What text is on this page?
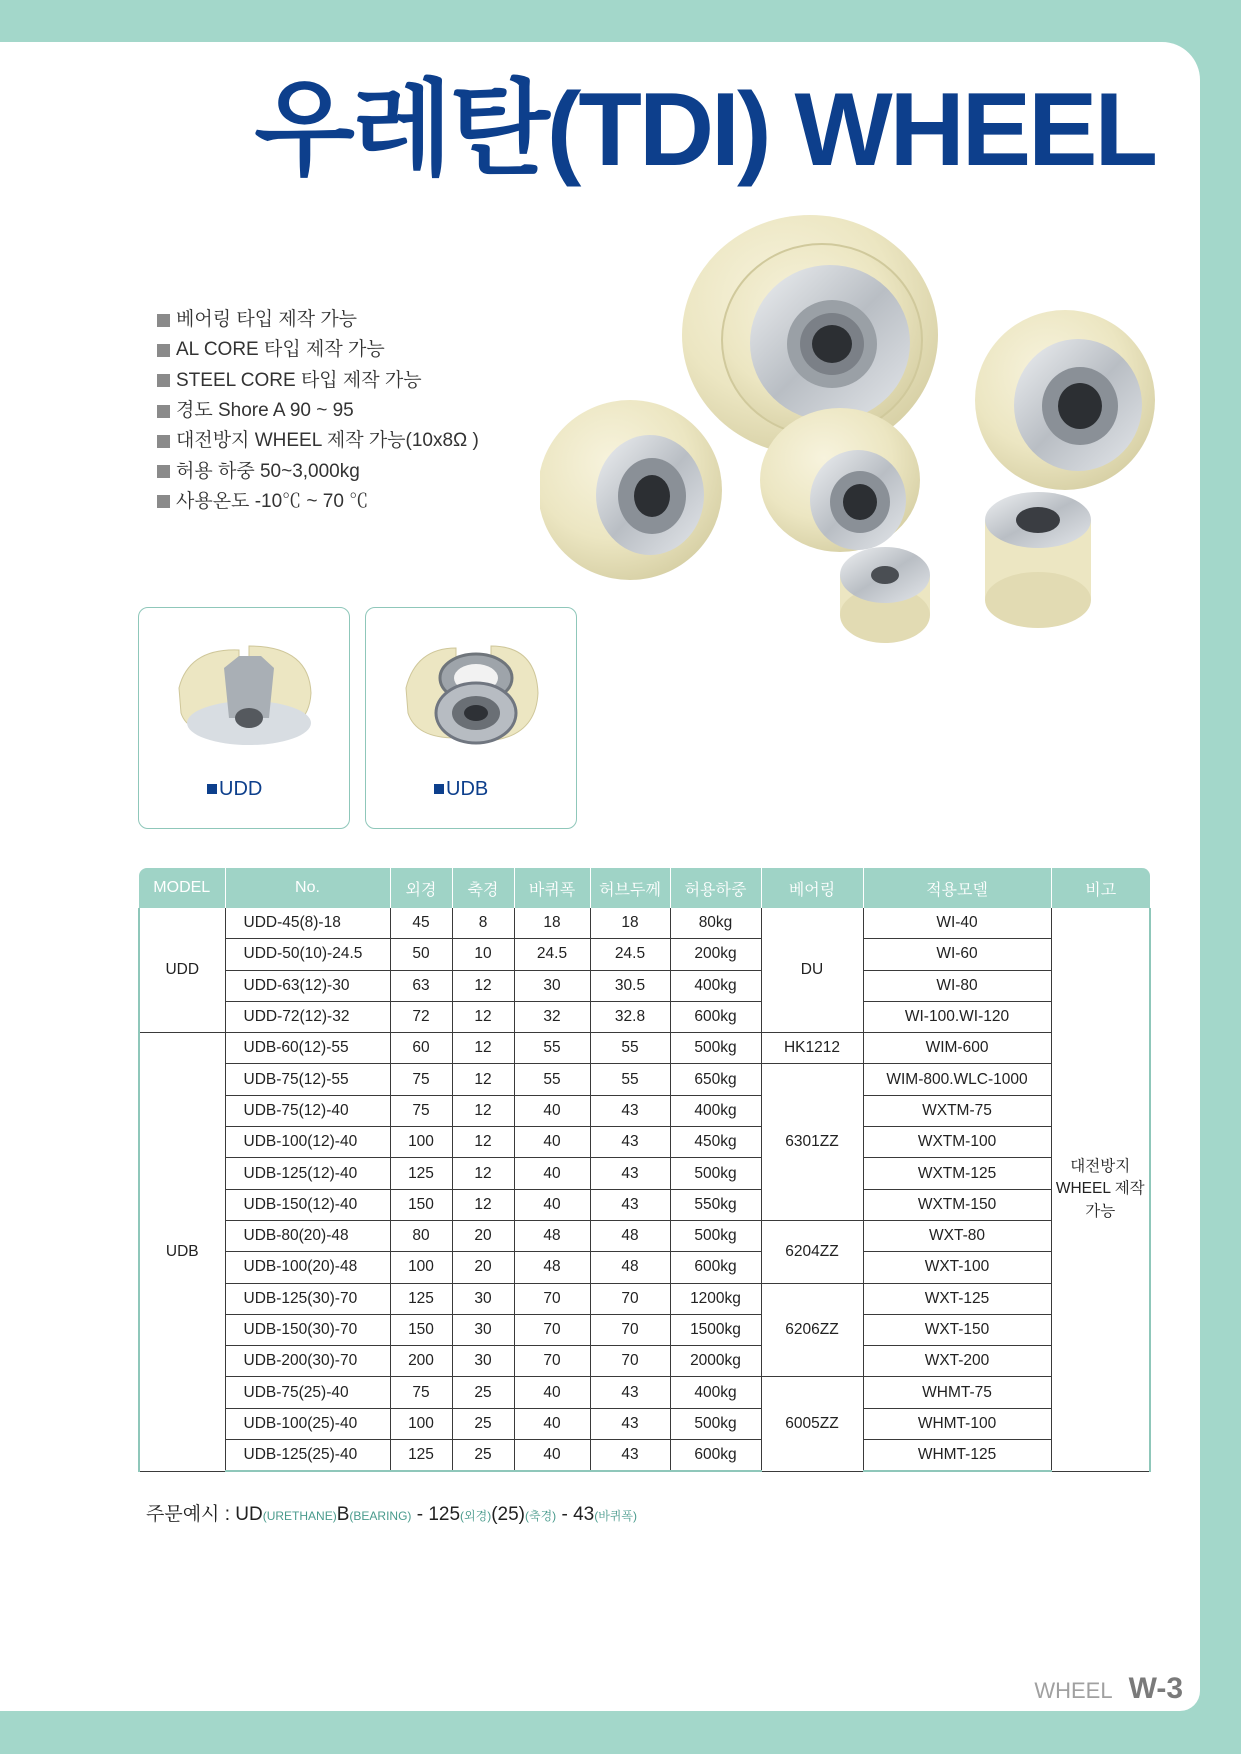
우레탄(TDI) WHEEL
베어링 타입 제작 가능
AL CORE 타입 제작 가능
STEEL CORE 타입 제작 가능
경도 Shore A 90 ~ 95
대전방지 WHEEL 제작 가능(10x8Ω )
허용 하중 50~3,000kg
사용온도 -10℃ ~ 70 ℃
UDD	UDB
MODEL	No.	외경	축경	바퀴폭	허브두께	허용하중	베어링	적용모델	비고
UDD	UDD-45(8)-18	45	8	18	18	80kg	DU	WI-40	대전방지 WHEEL 제작가능
	UDD-50(10)-24.5	50	10	24.5	24.5	200kg		WI-60	
	UDD-63(12)-30	63	12	30	30.5	400kg		WI-80	
	UDD-72(12)-32	72	12	32	32.8	600kg		WI-100.WI-120	
UDB	UDB-60(12)-55	60	12	55	55	500kg	HK1212	WIM-600	
	UDB-75(12)-55	75	12	55	55	650kg	6301ZZ	WIM-800.WLC-1000	
	UDB-75(12)-40	75	12	40	43	400kg		WXTM-75	
	UDB-100(12)-40	100	12	40	43	450kg		WXTM-100	
	UDB-125(12)-40	125	12	40	43	500kg		WXTM-125	
	UDB-150(12)-40	150	12	40	43	550kg		WXTM-150	
	UDB-80(20)-48	80	20	48	48	500kg	6204ZZ	WXT-80	
	UDB-100(20)-48	100	20	48	48	600kg		WXT-100	
	UDB-125(30)-70	125	30	70	70	1200kg	6206ZZ	WXT-125	
	UDB-150(30)-70	150	30	70	70	1500kg		WXT-150	
	UDB-200(30)-70	200	30	70	70	2000kg		WXT-200	
	UDB-75(25)-40	75	25	40	43	400kg	6005ZZ	WHMT-75	
	UDB-100(25)-40	100	25	40	43	500kg		WHMT-100	
	UDB-125(25)-40	125	25	40	43	600kg		WHMT-125	
주문예시 : UD(URETHANE)B(BEARING) - 125(외경)(25)(축경) - 43(바퀴폭)
WHEEL W-3
